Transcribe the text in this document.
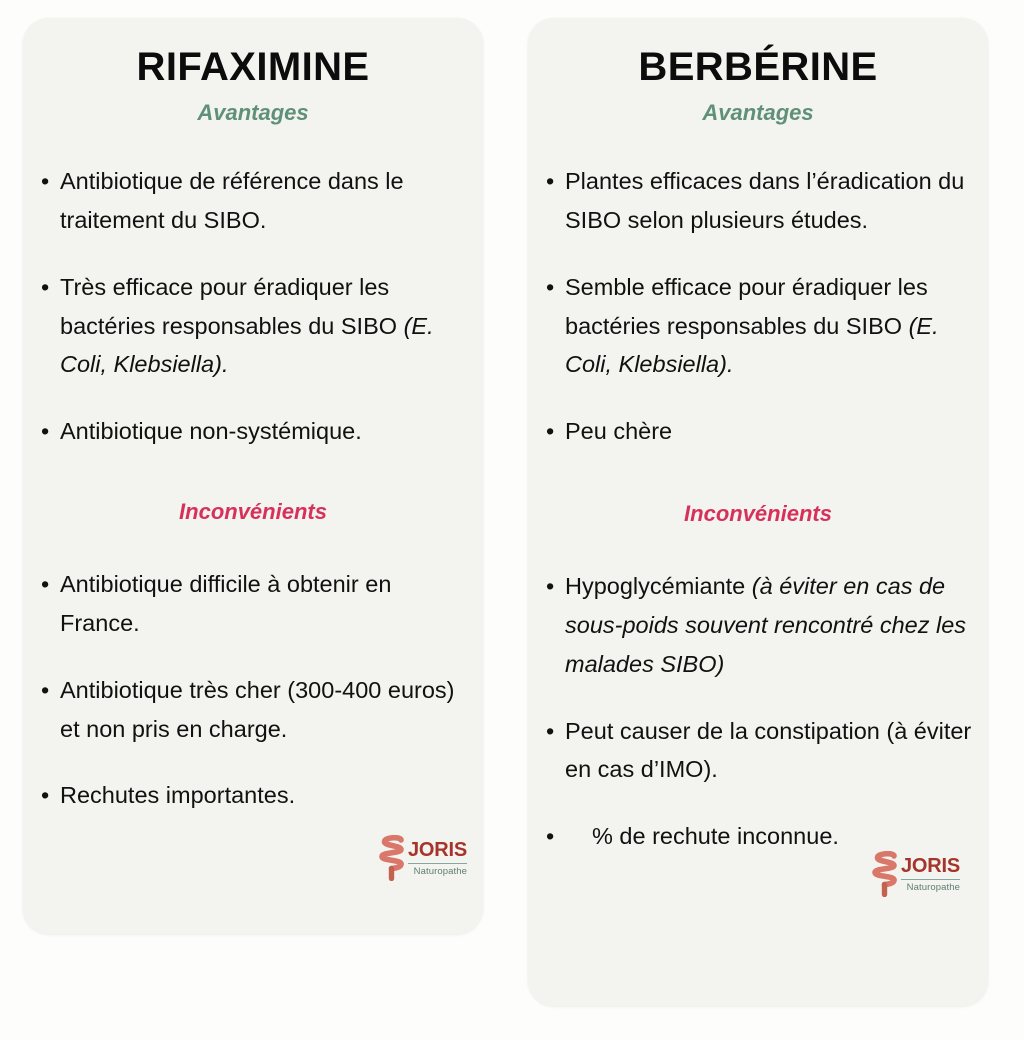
RIFAXIMINE
Avantages
• Antibiotique de référence dans le traitement du SIBO.
• Très efficace pour éradiquer les bactéries responsables du SIBO (E. Coli, Klebsiella).
• Antibiotique non-systémique.
Inconvénients
• Antibiotique difficile à obtenir en France.
• Antibiotique très cher (300-400 euros) et non pris en charge.
• Rechutes importantes.
JORIS
Naturopathe
BERBÉRINE
Avantages
• Plantes efficaces dans l’éradication du SIBO selon plusieurs études.
• Semble efficace pour éradiquer les bactéries responsables du SIBO (E. Coli, Klebsiella).
• Peu chère
Inconvénients
• Hypoglycémiante (à éviter en cas de sous-poids souvent rencontré chez les malades SIBO)
• Peut causer de la constipation (à éviter en cas d’IMO).
• % de rechute inconnue.
JORIS
Naturopathe
